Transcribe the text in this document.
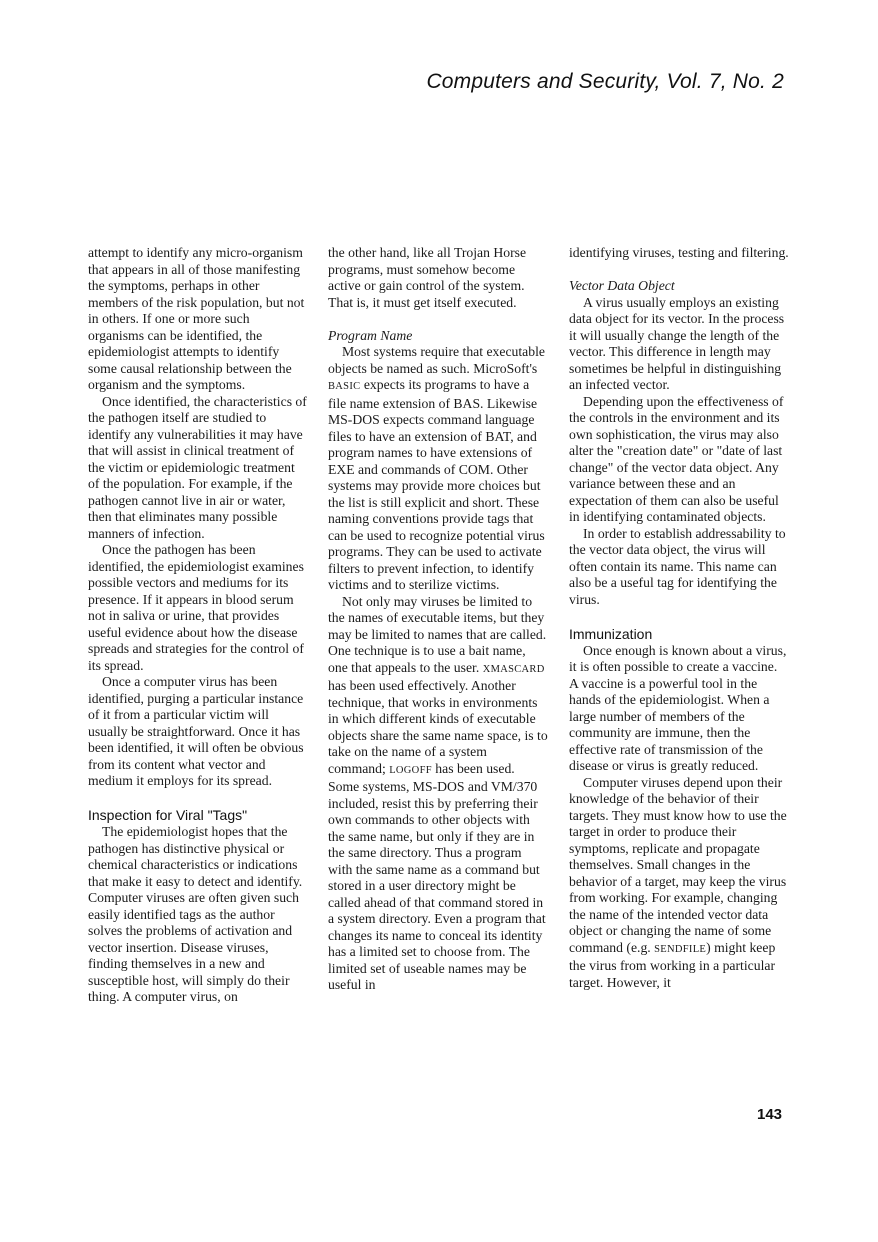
Computers and Security, Vol. 7, No. 2

attempt to identify any micro-organism that appears in all of those manifesting the symptoms, perhaps in other members of the risk population, but not in others. If one or more such organisms can be identified, the epidemiologist attempts to identify some causal relationship between the organism and the symptoms.

Once identified, the characteristics of the pathogen itself are studied to identify any vulnerabilities it may have that will assist in clinical treatment of the victim or epidemiologic treatment of the population. For example, if the pathogen cannot live in air or water, then that eliminates many possible manners of infection.

Once the pathogen has been identified, the epidemiologist examines possible vectors and mediums for its presence. If it appears in blood serum not in saliva or urine, that provides useful evidence about how the disease spreads and strategies for the control of its spread.

Once a computer virus has been identified, purging a particular instance of it from a particular victim will usually be straightforward. Once it has been identified, it will often be obvious from its content what vector and medium it employs for its spread.

Inspection for Viral "Tags"

The epidemiologist hopes that the pathogen has distinctive physical or chemical characteristics or indications that make it easy to detect and identify. Computer viruses are often given such easily identified tags as the author solves the problems of activation and vector insertion. Disease viruses, finding themselves in a new and susceptible host, will simply do their thing. A computer virus, on

the other hand, like all Trojan Horse programs, must somehow become active or gain control of the system. That is, it must get itself executed.

Program Name

Most systems require that executable objects be named as such. MicroSoft's BASIC expects its programs to have a file name extension of BAS. Likewise MS-DOS expects command language files to have an extension of BAT, and program names to have extensions of EXE and commands of COM. Other systems may provide more choices but the list is still explicit and short. These naming conventions provide tags that can be used to recognize potential virus programs. They can be used to activate filters to prevent infection, to identify victims and to sterilize victims.

Not only may viruses be limited to the names of executable items, but they may be limited to names that are called. One technique is to use a bait name, one that appeals to the user. XMASCARD has been used effectively. Another technique, that works in environments in which different kinds of executable objects share the same name space, is to take on the name of a system command; LOGOFF has been used. Some systems, MS-DOS and VM/370 included, resist this by preferring their own commands to other objects with the same name, but only if they are in the same directory. Thus a program with the same name as a command but stored in a user directory might be called ahead of that command stored in a system directory. Even a program that changes its name to conceal its identity has a limited set to choose from. The limited set of useable names may be useful in

identifying viruses, testing and filtering.

Vector Data Object

A virus usually employs an existing data object for its vector. In the process it will usually change the length of the vector. This difference in length may sometimes be helpful in distinguishing an infected vector.

Depending upon the effectiveness of the controls in the environment and its own sophistication, the virus may also alter the "creation date" or "date of last change" of the vector data object. Any variance between these and an expectation of them can also be useful in identifying contaminated objects.

In order to establish addressability to the vector data object, the virus will often contain its name. This name can also be a useful tag for identifying the virus.

Immunization

Once enough is known about a virus, it is often possible to create a vaccine. A vaccine is a powerful tool in the hands of the epidemiologist. When a large number of members of the community are immune, then the effective rate of transmission of the disease or virus is greatly reduced.

Computer viruses depend upon their knowledge of the behavior of their targets. They must know how to use the target in order to produce their symptoms, replicate and propagate themselves. Small changes in the behavior of a target, may keep the virus from working. For example, changing the name of the intended vector data object or changing the name of some command (e.g. SENDFILE) might keep the virus from working in a particular target. However, it

143
